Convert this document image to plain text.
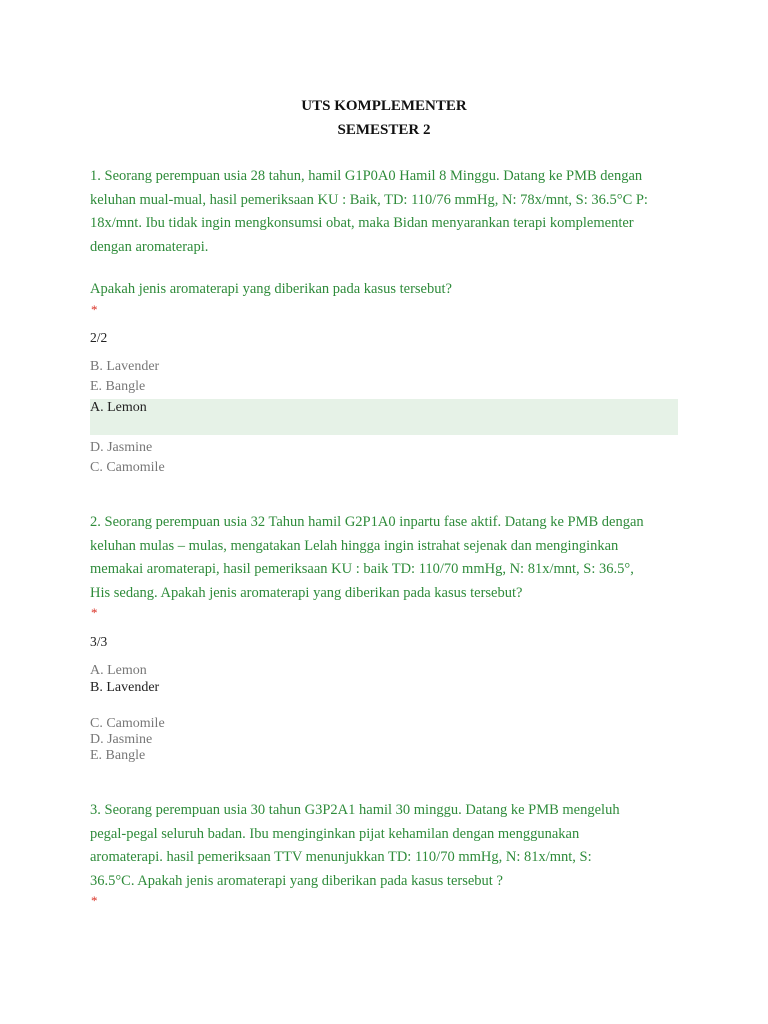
UTS KOMPLEMENTER
SEMESTER 2

1. Seorang perempuan usia 28 tahun, hamil G1P0A0 Hamil 8 Minggu. Datang ke PMB dengan

keluhan mual-mual, hasil pemeriksaan KU : Baik, TD: 110/76 mmHg, N: 78x/mnt, S: 36.5°C P:

18x/mnt. Ibu tidak ingin mengkonsumsi obat, maka Bidan menyarankan terapi komplementer

dengan aromaterapi.

Apakah jenis aromaterapi yang diberikan pada kasus tersebut?
*
2/2
B. Lavender
E. Bangle
A. Lemon
D. Jasmine
C. Camomile

2. Seorang perempuan usia 32 Tahun hamil G2P1A0 inpartu fase aktif. Datang ke PMB dengan

keluhan mulas – mulas, mengatakan Lelah hingga ingin istrahat sejenak dan menginginkan

memakai aromaterapi, hasil pemeriksaan KU : baik TD: 110/70 mmHg, N: 81x/mnt, S: 36.5°,

His sedang. Apakah jenis aromaterapi yang diberikan pada kasus tersebut?

*
3/3
A. Lemon
B. Lavender
C. Camomile
D. Jasmine
E. Bangle

3. Seorang perempuan usia 30 tahun G3P2A1 hamil 30 minggu. Datang ke PMB mengeluh

pegal-pegal seluruh badan. Ibu menginginkan pijat kehamilan dengan menggunakan

aromaterapi. hasil pemeriksaan TTV menunjukkan TD: 110/70 mmHg, N: 81x/mnt, S:

36.5°C. Apakah jenis aromaterapi yang diberikan pada kasus tersebut ?

*
